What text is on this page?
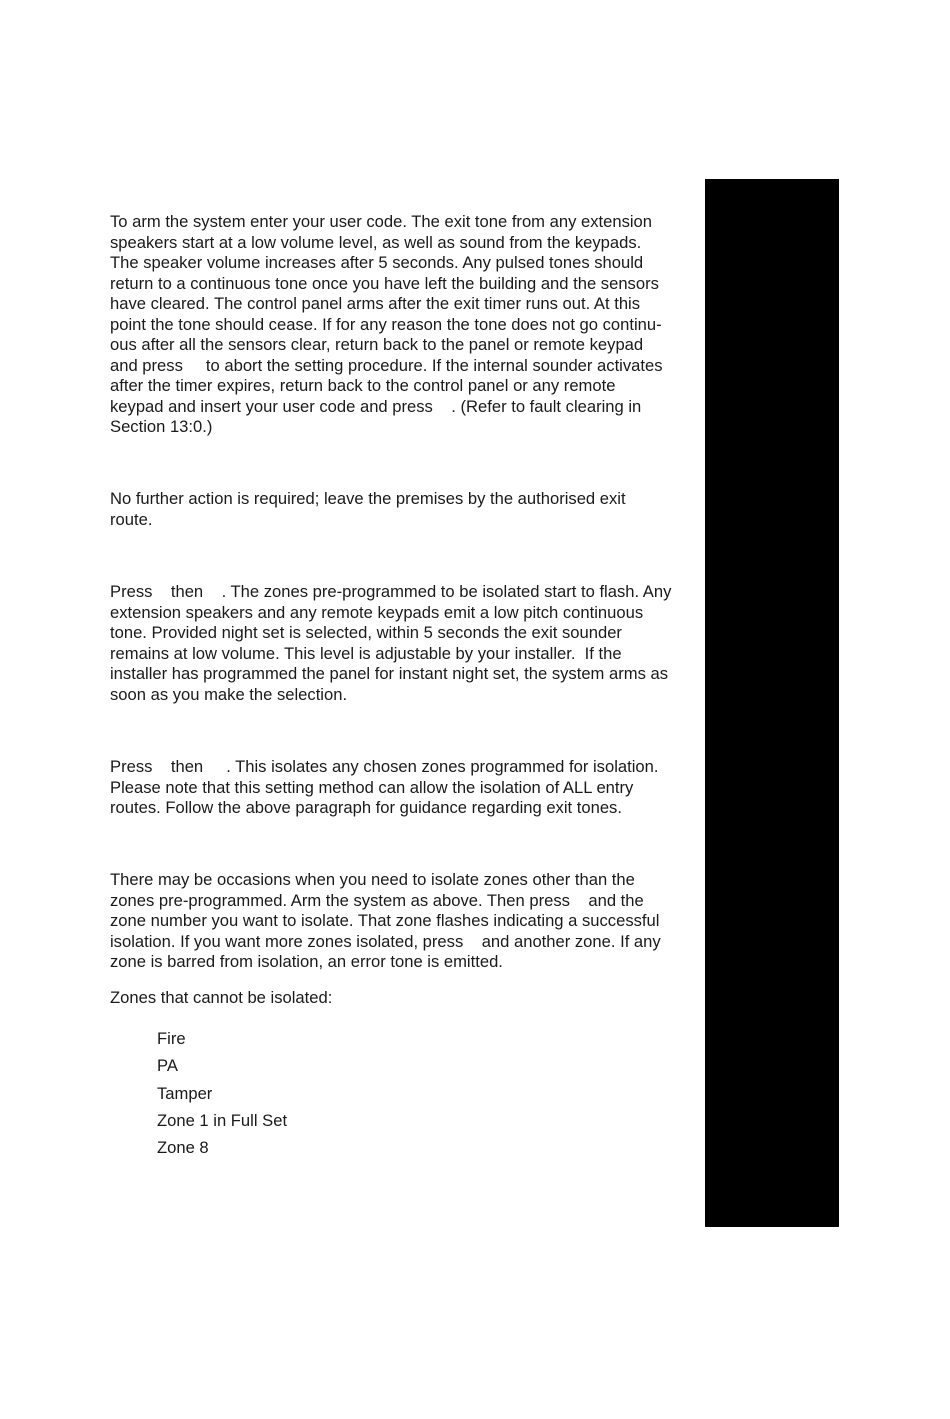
To arm the system enter your user code. The exit tone from any extension
speakers start at a low volume level, as well as sound from the keypads.
The speaker volume increases after 5 seconds. Any pulsed tones should
return to a continuous tone once you have left the building and the sensors
have cleared. The control panel arms after the exit timer runs out. At this
point the tone should cease. If for any reason the tone does not go continu-
ous after all the sensors clear, return back to the panel or remote keypad
and press     to abort the setting procedure. If the internal sounder activates
after the timer expires, return back to the control panel or any remote
keypad and insert your user code and press    . (Refer to fault clearing in
Section 13:0.)

No further action is required; leave the premises by the authorised exit
route.

Press    then    . The zones pre-programmed to be isolated start to flash. Any
extension speakers and any remote keypads emit a low pitch continuous
tone. Provided night set is selected, within 5 seconds the exit sounder
remains at low volume. This level is adjustable by your installer.  If the
installer has programmed the panel for instant night set, the system arms as
soon as you make the selection.

Press    then     . This isolates any chosen zones programmed for isolation.
Please note that this setting method can allow the isolation of ALL entry
routes. Follow the above paragraph for guidance regarding exit tones.

There may be occasions when you need to isolate zones other than the
zones pre-programmed. Arm the system as above. Then press    and the
zone number you want to isolate. That zone flashes indicating a successful
isolation. If you want more zones isolated, press    and another zone. If any
zone is barred from isolation, an error tone is emitted.

Zones that cannot be isolated:

Fire
PA
Tamper
Zone 1 in Full Set
Zone 8
